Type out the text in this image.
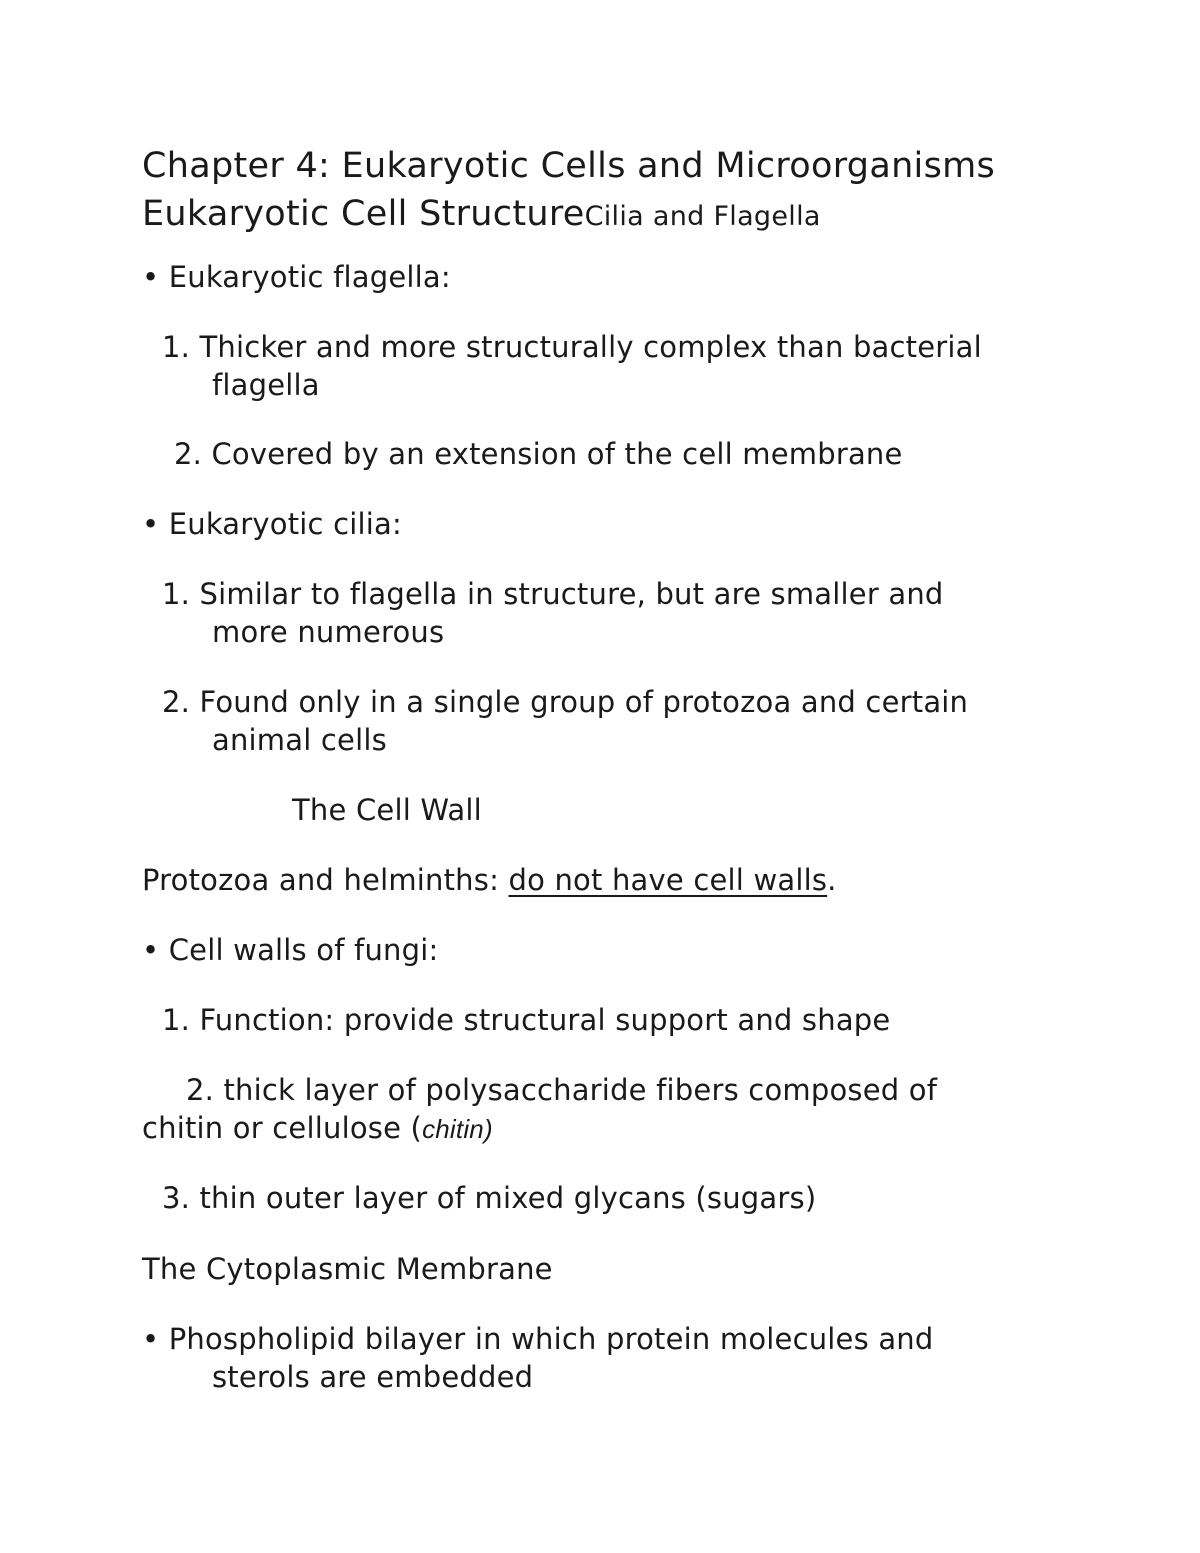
Chapter 4: Eukaryotic Cells and Microorganisms
Eukaryotic Cell StructureCilia and Flagella
• Eukaryotic flagella:
1. Thicker and more structurally complex than bacterial
flagella
2. Covered by an extension of the cell membrane
• Eukaryotic cilia:
1. Similar to flagella in structure, but are smaller and
more numerous
2. Found only in a single group of protozoa and certain
animal cells
The Cell Wall
Protozoa and helminths: do not have cell walls.
• Cell walls of fungi:
1. Function: provide structural support and shape
2. thick layer of polysaccharide fibers composed of
chitin or cellulose (chitin)
3. thin outer layer of mixed glycans (sugars)
The Cytoplasmic Membrane
• Phospholipid bilayer in which protein molecules and
sterols are embedded
